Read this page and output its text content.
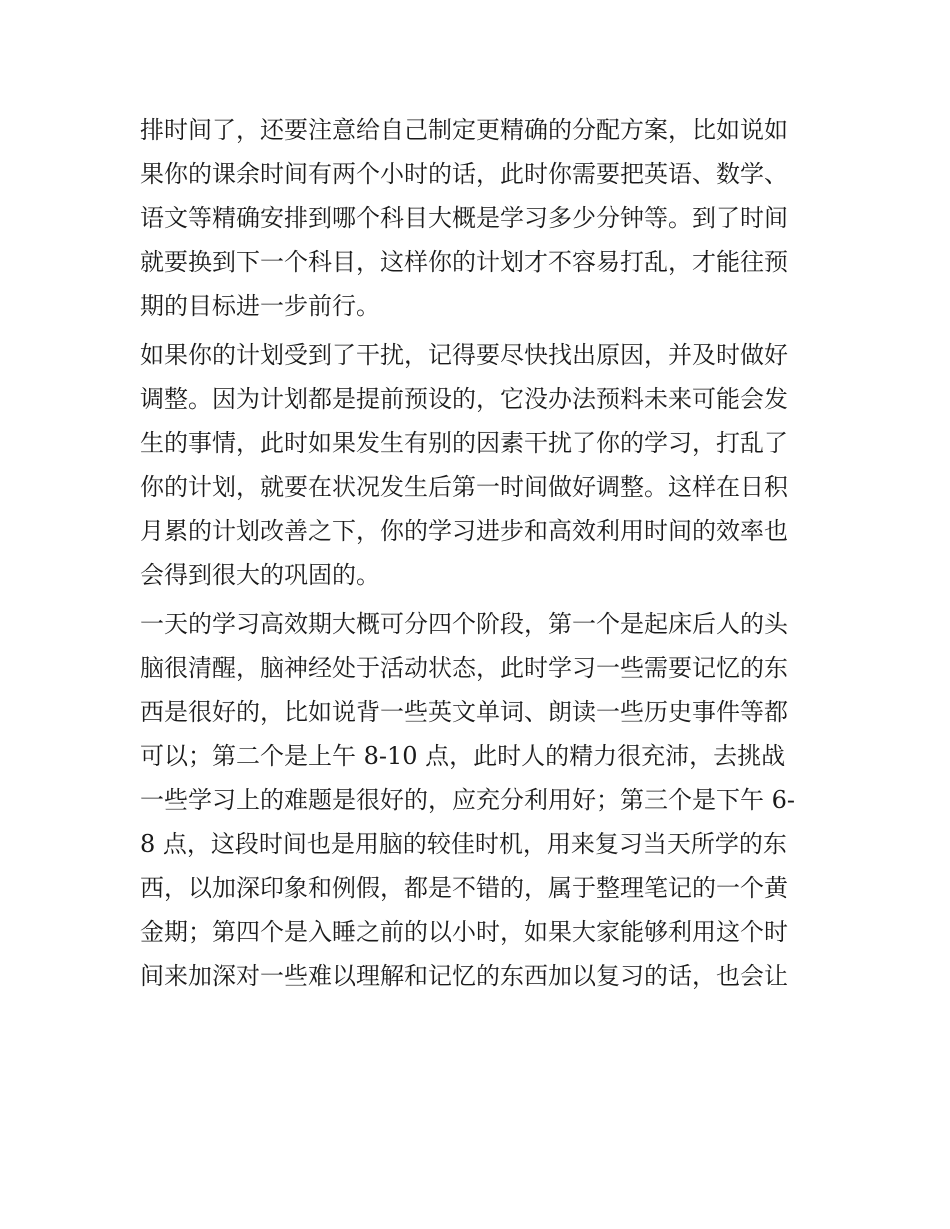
排时间了，还要注意给自己制定更精确的分配方案，比如说如
果你的课余时间有两个小时的话，此时你需要把英语、数学、
语文等精确安排到哪个科目大概是学习多少分钟等。到了时间
就要换到下一个科目，这样你的计划才不容易打乱，才能往预
期的目标进一步前行。
如果你的计划受到了干扰，记得要尽快找出原因，并及时做好
调整。因为计划都是提前预设的，它没办法预料未来可能会发
生的事情，此时如果发生有别的因素干扰了你的学习，打乱了
你的计划，就要在状况发生后第一时间做好调整。这样在日积
月累的计划改善之下，你的学习进步和高效利用时间的效率也
会得到很大的巩固的。
一天的学习高效期大概可分四个阶段，第一个是起床后人的头
脑很清醒，脑神经处于活动状态，此时学习一些需要记忆的东
西是很好的，比如说背一些英文单词、朗读一些历史事件等都
可以；第二个是上午 8-10 点，此时人的精力很充沛，去挑战
一些学习上的难题是很好的，应充分利用好；第三个是下午 6-
8 点，这段时间也是用脑的较佳时机，用来复习当天所学的东
西，以加深印象和例假，都是不错的，属于整理笔记的一个黄
金期；第四个是入睡之前的以小时，如果大家能够利用这个时
间来加深对一些难以理解和记忆的东西加以复习的话，也会让
